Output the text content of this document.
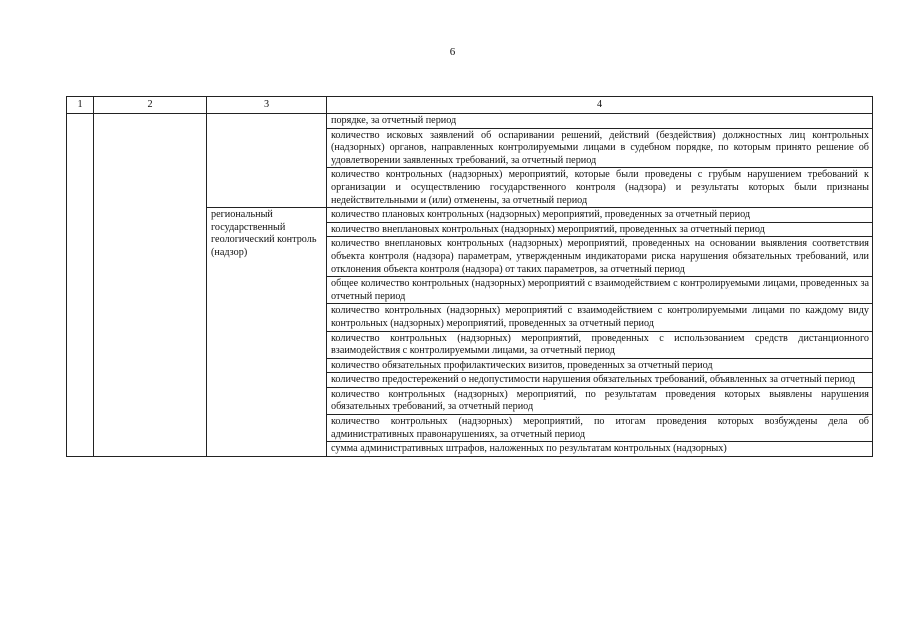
6
1	2	3	4
			порядке, за отчетный период
			количество исковых заявлений об оспаривании решений, действий (бездействия) должностных лиц контрольных (надзорных) органов, направленных контролируемыми лицами в судебном порядке, по которым принято решение об удовлетворении заявленных требований, за отчетный период
			количество контрольных (надзорных) мероприятий, которые были проведены с грубым нарушением требований к организации и осуществлению государственного контроля (надзора) и результаты которых были признаны недействительными и (или) отменены, за отчетный период
		региональный государственный геологический контроль (надзор)	количество плановых контрольных (надзорных) мероприятий, проведенных за отчетный период
			количество внеплановых контрольных (надзорных) мероприятий, проведенных за отчетный период
			количество внеплановых контрольных (надзорных) мероприятий, проведенных на основании выявления соответствия объекта контроля (надзора) параметрам, утвержденным индикаторами риска нарушения обязательных требований, или отклонения объекта контроля (надзора) от таких параметров, за отчетный период
			общее количество контрольных (надзорных) мероприятий с взаимодействием с контролируемыми лицами, проведенных за отчетный период
			количество контрольных (надзорных) мероприятий с взаимодействием с контролируемыми лицами по каждому виду контрольных (надзорных) мероприятий, проведенных за отчетный период
			количество контрольных (надзорных) мероприятий, проведенных с использованием средств дистанционного взаимодействия с контролируемыми лицами, за отчетный период
			количество обязательных профилактических визитов, проведенных за отчетный период
			количество предостережений о недопустимости нарушения обязательных требований, объявленных за отчетный период
			количество контрольных (надзорных) мероприятий, по результатам проведения которых выявлены нарушения обязательных требований, за отчетный период
			количество контрольных (надзорных) мероприятий, по итогам проведения которых возбуждены дела об административных правонарушениях, за отчетный период
			сумма административных штрафов, наложенных по результатам контрольных (надзорных)
